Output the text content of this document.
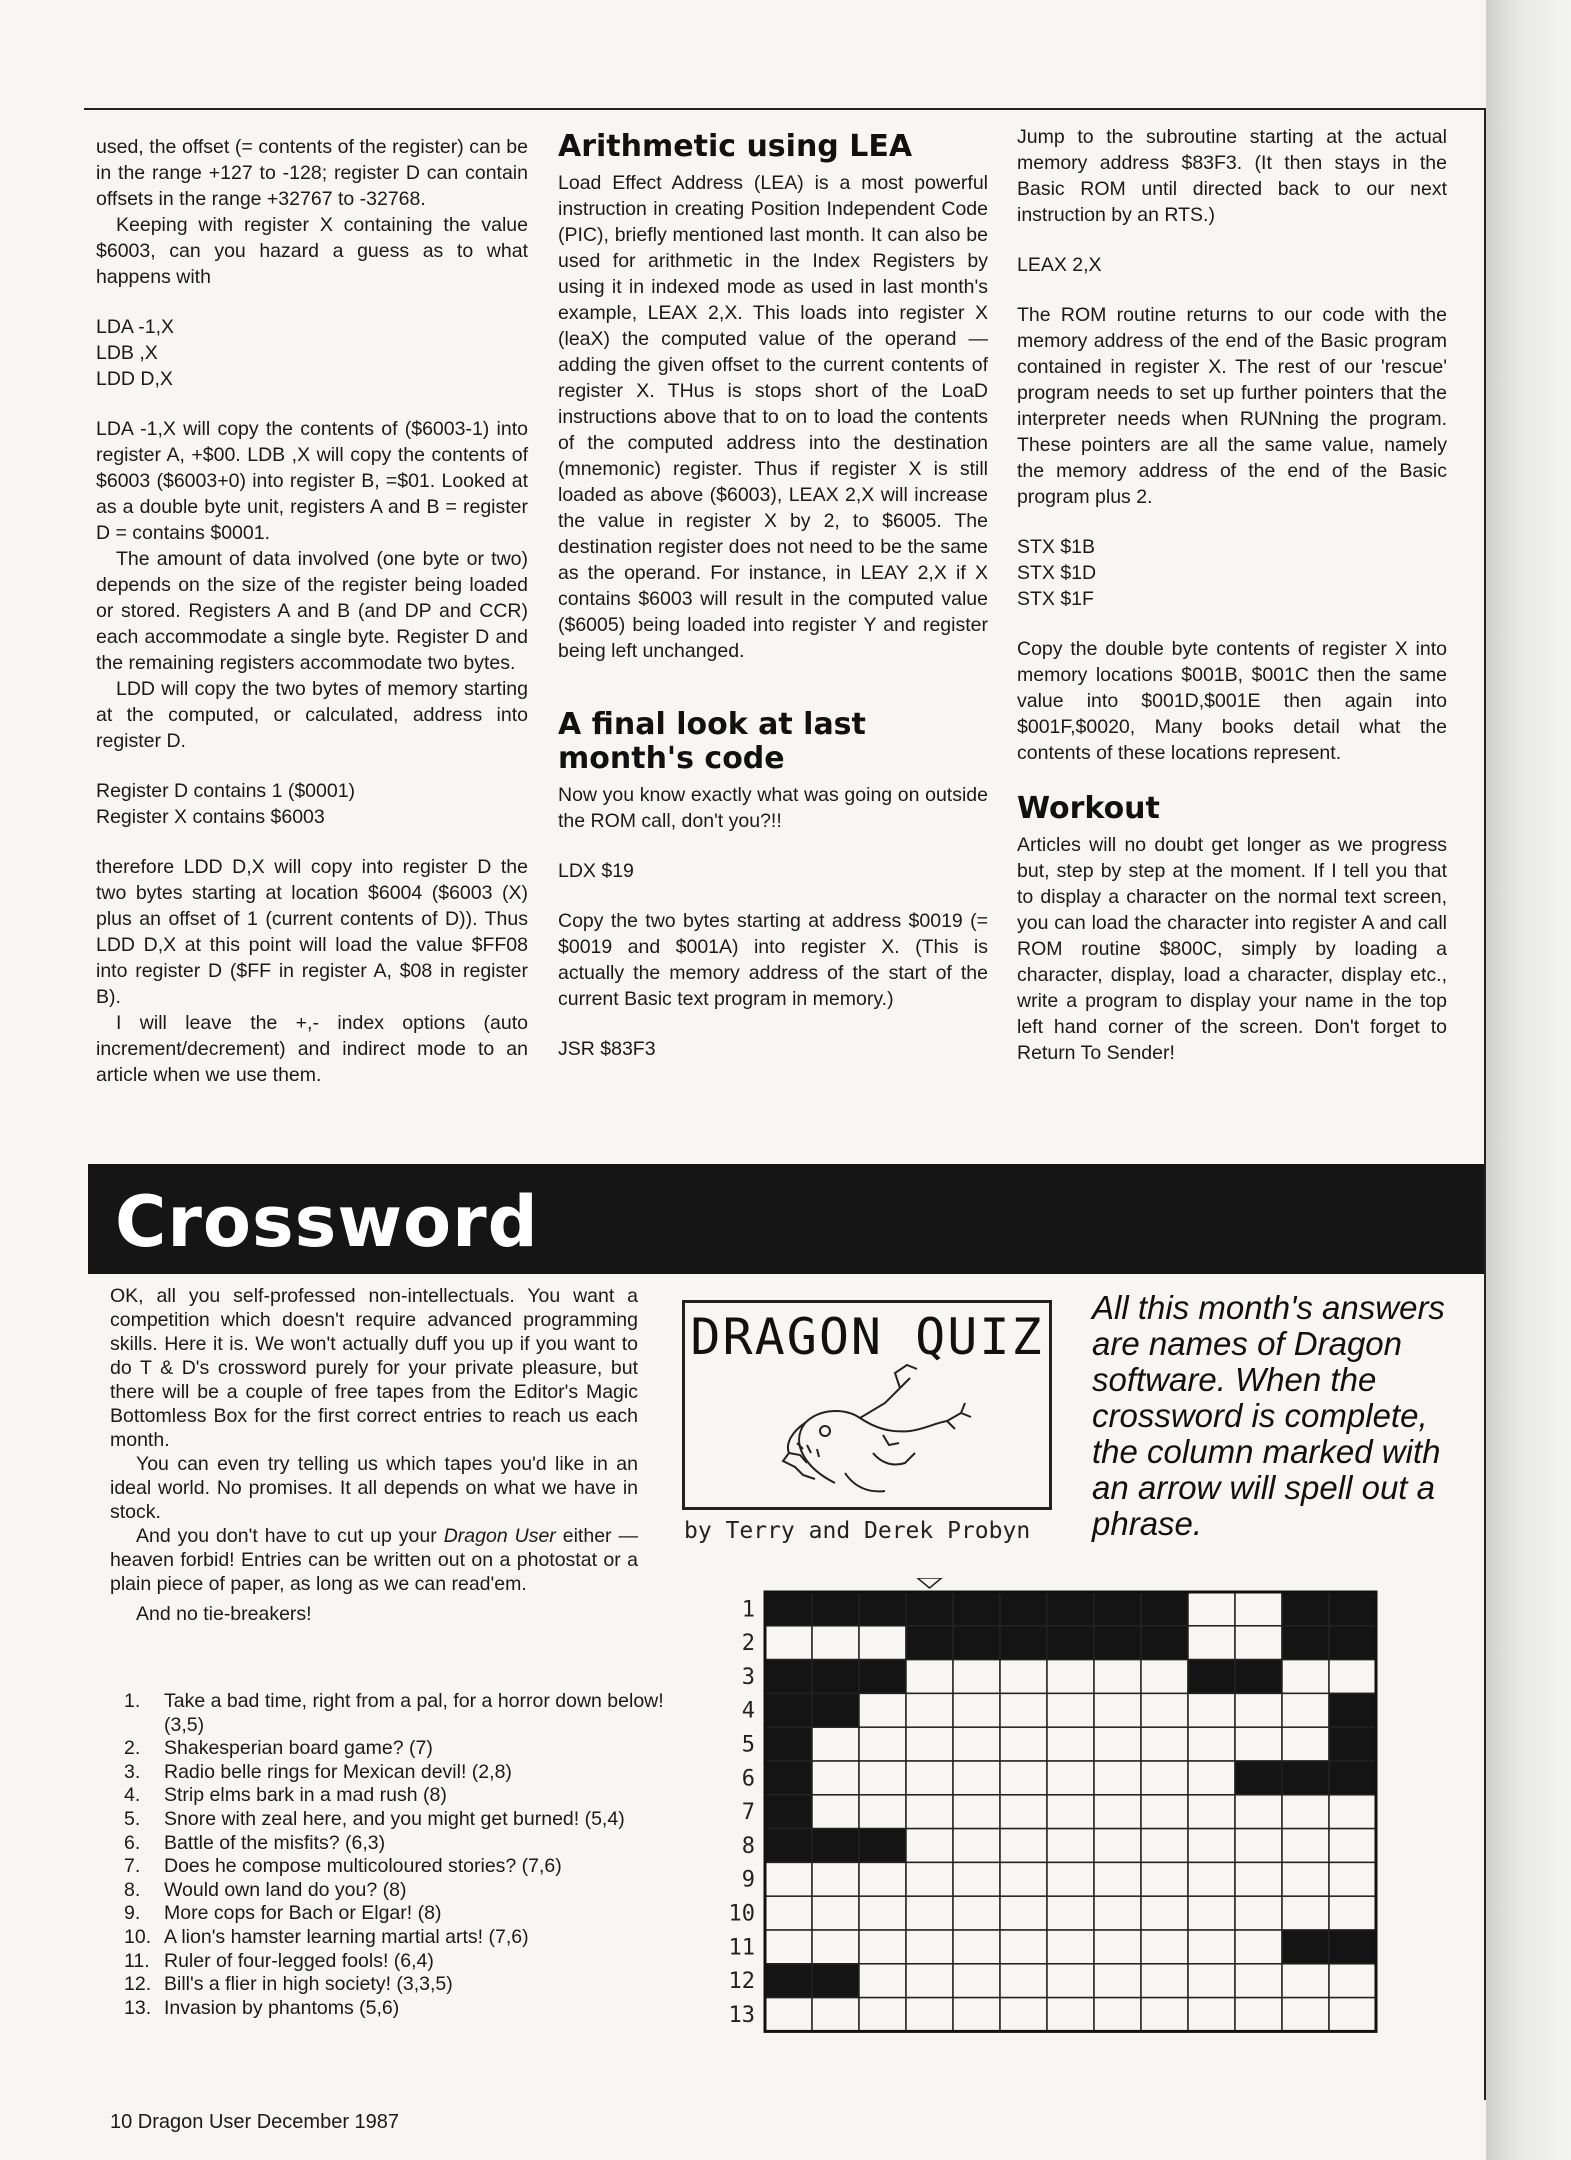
used, the offset (= contents of the register) can be in the range +127 to -128; register D can contain offsets in the range +32767 to -32768.

Keeping with register X containing the value $6003, can you hazard a guess as to what happens with

LDA -1,X
LDB ,X
LDD D,X

LDA -1,X will copy the contents of ($6003-1) into register A, +$00. LDB ,X will copy the contents of $6003 ($6003+0) into register B, =$01. Looked at as a double byte unit, registers A and B = register D = contains $0001.

The amount of data involved (one byte or two) depends on the size of the register being loaded or stored. Registers A and B (and DP and CCR) each accommodate a single byte. Register D and the remaining registers accommodate two bytes.

LDD will copy the two bytes of memory starting at the computed, or calculated, address into register D.

Register D contains 1 ($0001)
Register X contains $6003

therefore LDD D,X will copy into register D the two bytes starting at location $6004 ($6003 (X) plus an offset of 1 (current contents of D)). Thus LDD D,X at this point will load the value $FF08 into register D ($FF in register A, $08 in register B).

I will leave the +,- index options (auto increment/decrement) and indirect mode to an article when we use them.

Arithmetic using LEA

Load Effect Address (LEA) is a most powerful instruction in creating Position Independent Code (PIC), briefly mentioned last month. It can also be used for arithmetic in the Index Registers by using it in indexed mode as used in last month's example, LEAX 2,X. This loads into register X (leaX) the computed value of the operand — adding the given offset to the current contents of register X. THus is stops short of the LoaD instructions above that to on to load the contents of the computed address into the destination (mnemonic) register. Thus if register X is still loaded as above ($6003), LEAX 2,X will increase the value in register X by 2, to $6005. The destination register does not need to be the same as the operand. For instance, in LEAY 2,X if X contains $6003 will result in the computed value ($6005) being loaded into register Y and register being left unchanged.

A final look at last month's code

Now you know exactly what was going on outside the ROM call, don't you?!!

LDX $19

Copy the two bytes starting at address $0019 (= $0019 and $001A) into register X. (This is actually the memory address of the start of the current Basic text program in memory.)

JSR $83F3

Jump to the subroutine starting at the actual memory address $83F3. (It then stays in the Basic ROM until directed back to our next instruction by an RTS.)

LEAX 2,X

The ROM routine returns to our code with the memory address of the end of the Basic program contained in register X. The rest of our 'rescue' program needs to set up further pointers that the interpreter needs when RUNning the program. These pointers are all the same value, namely the memory address of the end of the Basic program plus 2.

STX $1B
STX $1D
STX $1F

Copy the double byte contents of register X into memory locations $001B, $001C then the same value into $001D,$001E then again into $001F,$0020, Many books detail what the contents of these locations represent.

Workout

Articles will no doubt get longer as we progress but, step by step at the moment. If I tell you that to display a character on the normal text screen, you can load the character into register A and call ROM routine $800C, simply by loading a character, display, load a character, display etc., write a program to display your name in the top left hand corner of the screen. Don't forget to Return To Sender!

Crossword

OK, all you self-professed non-intellectuals. You want a competition which doesn't require advanced programming skills. Here it is. We won't actually duff you up if you want to do T & D's crossword purely for your private pleasure, but there will be a couple of free tapes from the Editor's Magic Bottomless Box for the first correct entries to reach us each month.

You can even try telling us which tapes you'd like in an ideal world. No promises. It all depends on what we have in stock.

And you don't have to cut up your Dragon User either — heaven forbid! Entries can be written out on a photostat or a plain piece of paper, as long as we can read'em.

And no tie-breakers!

1.	Take a bad time, right from a pal, for a horror down below! (3,5)
2.	Shakesperian board game? (7)
3.	Radio belle rings for Mexican devil! (2,8)
4.	Strip elms bark in a mad rush (8)
5.	Snore with zeal here, and you might get burned! (5,4)
6.	Battle of the misfits? (6,3)
7.	Does he compose multicoloured stories? (7,6)
8.	Would own land do you? (8)
9.	More cops for Bach or Elgar! (8)
10. A lion's hamster learning martial arts! (7,6)
11. Ruler of four-legged fools! (6,4)
12. Bill's a flier in high society! (3,3,5)
13. Invasion by phantoms (5,6)
DRAGON QUIZ
by Terry and Derek Probyn
All this month's answers are names of Dragon software. When the crossword is complete, the column marked with an arrow will spell out a phrase.
1
2
3
4
5
6
7
8
9
10
11
12
13
10 Dragon User December 1987
